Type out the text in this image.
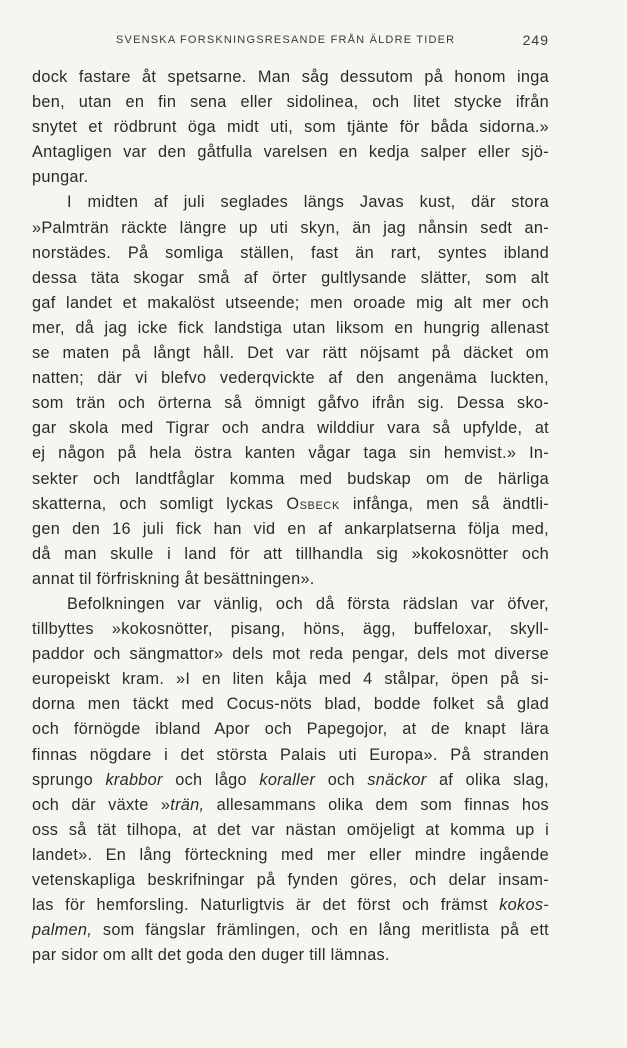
SVENSKA FORSKNINGSRESANDE FRÅN ÄLDRE TIDER	249
dock fastare åt spetsarne. Man såg dessutom på honom inga
ben, utan en fin sena eller sidolinea, och litet stycke ifrån
snytet et rödbrunt öga midt uti, som tjänte för båda sidorna.»
Antagligen var den gåtfulla varelsen en kedja salper eller sjö-
pungar.
I midten af juli seglades längs Javas kust, där stora
»Palmträn räckte längre up uti skyn, än jag nånsin sedt an-
norstädes. På somliga ställen, fast än rart, syntes ibland
dessa täta skogar små af örter gultlysande slätter, som alt
gaf landet et makalöst utseende; men oroade mig alt mer och
mer, då jag icke fick landstiga utan liksom en hungrig allenast
se maten på långt håll. Det var rätt nöjsamt på däcket om
natten; där vi blefvo vederqvickte af den angenäma luckten,
som trän och örterna så ömnigt gåfvo ifrån sig. Dessa sko-
gar skola med Tigrar och andra wilddiur vara så upfylde, at
ej någon på hela östra kanten vågar taga sin hemvist.» In-
sekter och landtfåglar komma med budskap om de härliga
skatterna, och somligt lyckas Osbeck infånga, men så ändtli-
gen den 16 juli fick han vid en af ankarplatserna följa med,
då man skulle i land för att tillhandla sig »kokosnötter och
annat til förfriskning åt besättningen».
Befolkningen var vänlig, och då första rädslan var öfver,
tillbyttes »kokosnötter, pisang, höns, ägg, buffeloxar, skyll-
paddor och sängmattor» dels mot reda pengar, dels mot diverse
europeiskt kram. »I en liten kåja med 4 stålpar, öpen på si-
dorna men täckt med Cocus-nöts blad, bodde folket så glad
och förnögde ibland Apor och Papegojor, at de knapt lära
finnas nögdare i det största Palais uti Europa». På stranden
sprungo krabbor och lågo koraller och snäckor af olika slag,
och där växte »trän, allesammans olika dem som finnas hos
oss så tät tilhopa, at det var nästan omöjeligt at komma up i
landet». En lång förteckning med mer eller mindre ingående
vetenskapliga beskrifningar på fynden göres, och delar insam-
las för hemforsling. Naturligtvis är det först och främst kokos-
palmen, som fängslar främlingen, och en lång meritlista på ett
par sidor om allt det goda den duger till lämnas.
